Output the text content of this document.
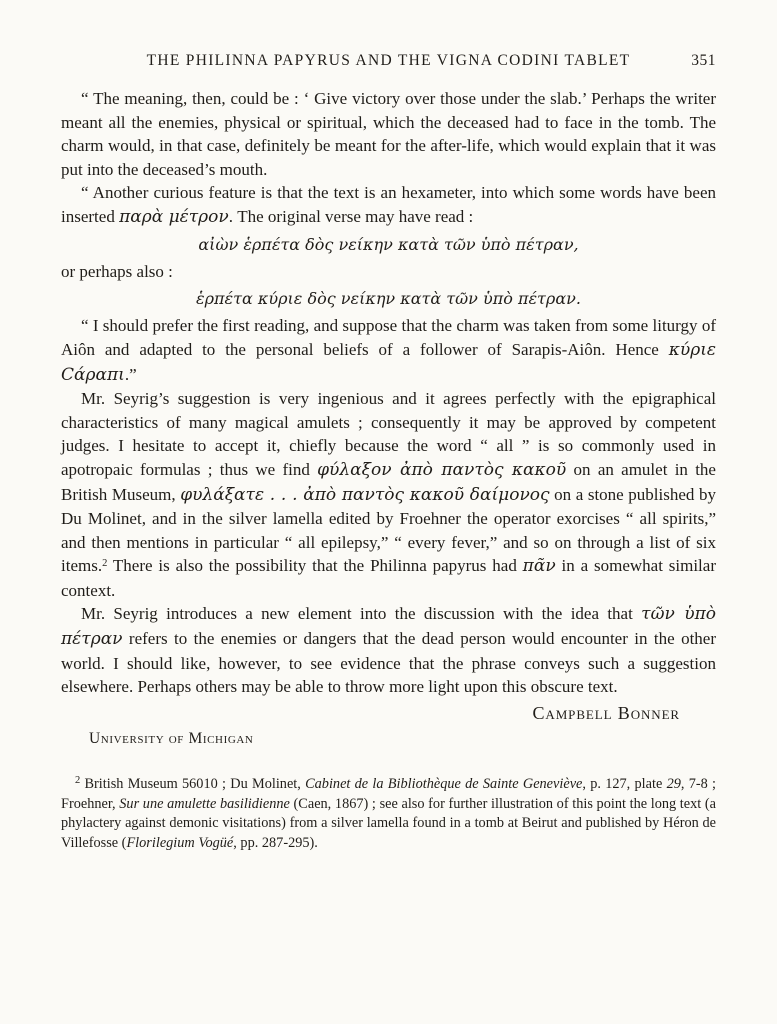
THE PHILINNA PAPYRUS AND THE VIGNA CODINI TABLET	351
“ The meaning, then, could be : ‘ Give victory over those under the slab.’ Perhaps the writer meant all the enemies, physical or spiritual, which the deceased had to face in the tomb. The charm would, in that case, definitely be meant for the after-life, which would explain that it was put into the deceased’s mouth.
“ Another curious feature is that the text is an hexameter, into which some words have been inserted παρὰ μέτρον. The original verse may have read :
αἰὼν ἑρπέτα δὸς νείκην κατὰ τῶν ὑπὸ πέτραν,
or perhaps also :
ἑρπέτα κύριε δὸς νείκην κατὰ τῶν ὑπὸ πέτραν.
“ I should prefer the first reading, and suppose that the charm was taken from some liturgy of Aiôn and adapted to the personal beliefs of a follower of Sarapis-Aiôn. Hence κύριε Cάραπι.”
Mr. Seyrig’s suggestion is very ingenious and it agrees perfectly with the epigraphical characteristics of many magical amulets ; consequently it may be approved by competent judges. I hesitate to accept it, chiefly because the word “ all ” is so commonly used in apotropaic formulas ; thus we find φύλαξον ἀπὸ παντὸς κακοῦ on an amulet in the British Museum, φυλάξατε . . . ἀπὸ παντὸς κακοῦ δαίμονος on a stone published by Du Molinet, and in the silver lamella edited by Froehner the operator exorcises “ all spirits,” and then mentions in particular “ all epilepsy,” “ every fever,” and so on through a list of six items.$^2$ There is also the possibility that the Philinna papyrus had πᾶν in a somewhat similar context.
Mr. Seyrig introduces a new element into the discussion with the idea that τῶν ὑπὸ πέτραν refers to the enemies or dangers that the dead person would encounter in the other world. I should like, however, to see evidence that the phrase conveys such a suggestion elsewhere. Perhaps others may be able to throw more light upon this obscure text.
Campbell Bonner
University of Michigan
$^2$ British Museum 56010 ; Du Molinet, Cabinet de la Bibliothèque de Sainte Geneviève, p. 127, plate 29, 7-8 ; Froehner, Sur une amulette basilidienne (Caen, 1867) ; see also for further illustration of this point the long text (a phylactery against demonic visitations) from a silver lamella found in a tomb at Beirut and published by Héron de Villefosse (Florilegium Vogüé, pp. 287-295).
